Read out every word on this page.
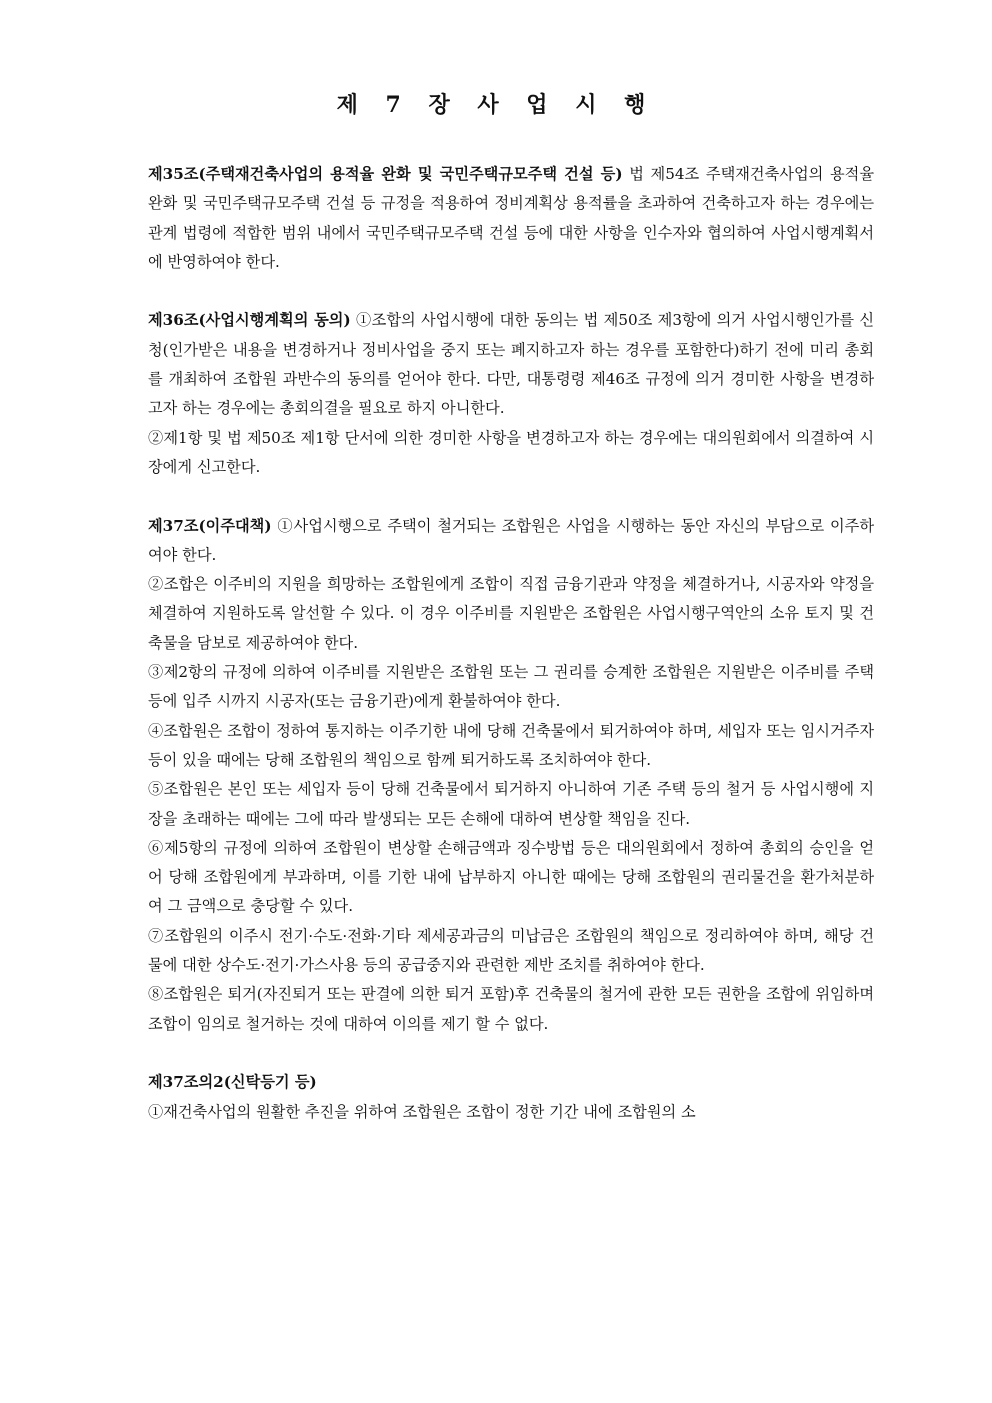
제 7 장 사 업 시 행

제35조(주택재건축사업의 용적율 완화 및 국민주택규모주택 건설 등) 법 제54조 주택재건축사업의 용적율 완화 및 국민주택규모주택 건설 등 규정을 적용하여 정비계획상 용적률을 초과하여 건축하고자 하는 경우에는 관계 법령에 적합한 범위 내에서 국민주택규모주택 건설 등에 대한 사항을 인수자와 협의하여 사업시행계획서에 반영하여야 한다.

제36조(사업시행계획의 동의) ①조합의 사업시행에 대한 동의는 법 제50조 제3항에 의거 사업시행인가를 신청(인가받은 내용을 변경하거나 정비사업을 중지 또는 폐지하고자 하는 경우를 포함한다)하기 전에 미리 총회를 개최하여 조합원 과반수의 동의를 얻어야 한다. 다만, 대통령령 제46조 규정에 의거 경미한 사항을 변경하고자 하는 경우에는 총회의결을 필요로 하지 아니한다.

②제1항 및 법 제50조 제1항 단서에 의한 경미한 사항을 변경하고자 하는 경우에는 대의원회에서 의결하여 시장에게 신고한다.

제37조(이주대책) ①사업시행으로 주택이 철거되는 조합원은 사업을 시행하는 동안 자신의 부담으로 이주하여야 한다.

②조합은 이주비의 지원을 희망하는 조합원에게 조합이 직접 금융기관과 약정을 체결하거나, 시공자와 약정을 체결하여 지원하도록 알선할 수 있다. 이 경우 이주비를 지원받은 조합원은 사업시행구역안의 소유 토지 및 건축물을 담보로 제공하여야 한다.

③제2항의 규정에 의하여 이주비를 지원받은 조합원 또는 그 권리를 승계한 조합원은 지원받은 이주비를 주택 등에 입주 시까지 시공자(또는 금융기관)에게 환불하여야 한다.

④조합원은 조합이 정하여 통지하는 이주기한 내에 당해 건축물에서 퇴거하여야 하며, 세입자 또는 임시거주자 등이 있을 때에는 당해 조합원의 책임으로 함께 퇴거하도록 조치하여야 한다.

⑤조합원은 본인 또는 세입자 등이 당해 건축물에서 퇴거하지 아니하여 기존 주택 등의 철거 등 사업시행에 지장을 초래하는 때에는 그에 따라 발생되는 모든 손해에 대하여 변상할 책임을 진다.

⑥제5항의 규정에 의하여 조합원이 변상할 손해금액과 징수방법 등은 대의원회에서 정하여 총회의 승인을 얻어 당해 조합원에게 부과하며, 이를 기한 내에 납부하지 아니한 때에는 당해 조합원의 권리물건을 환가처분하여 그 금액으로 충당할 수 있다.

⑦조합원의 이주시 전기·수도·전화·기타 제세공과금의 미납금은 조합원의 책임으로 정리하여야 하며, 해당 건물에 대한 상수도·전기·가스사용 등의 공급중지와 관련한 제반 조치를 취하여야 한다.

⑧조합원은 퇴거(자진퇴거 또는 판결에 의한 퇴거 포함)후 건축물의 철거에 관한 모든 권한을 조합에 위임하며 조합이 임의로 철거하는 것에 대하여 이의를 제기 할 수 없다.

제37조의2(신탁등기 등)

①재건축사업의 원활한 추진을 위하여 조합원은 조합이 정한 기간 내에 조합원의 소
